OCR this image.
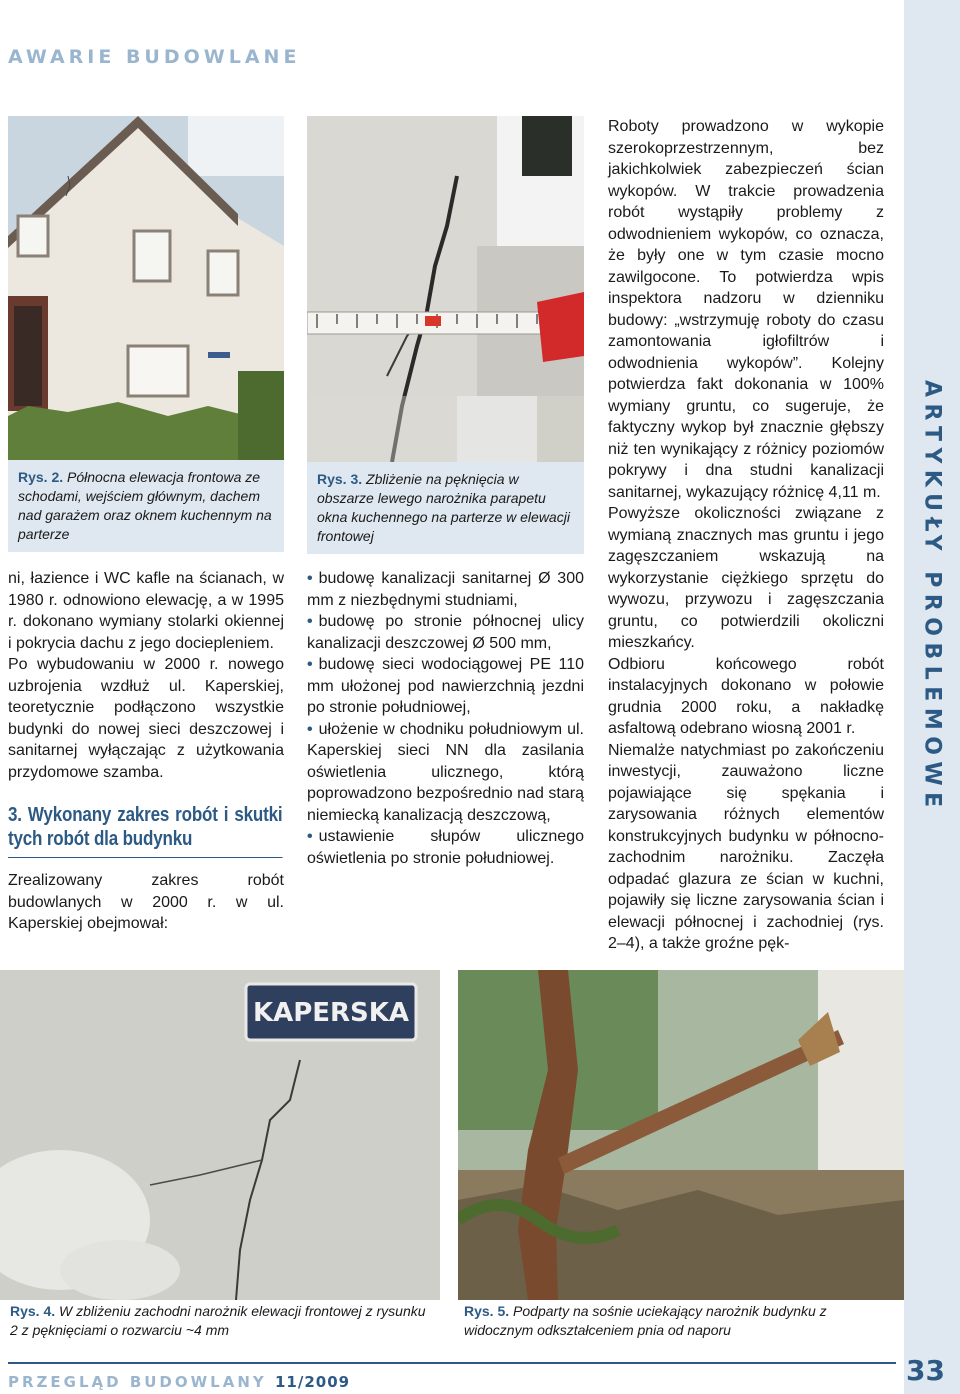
AWARIE BUDOWLANE
ARTYKUŁY PROBLEMOWE
Rys. 2. Północna elewacja frontowa ze schodami, wejściem głównym, dachem nad garażem oraz oknem kuchennym na parterze
Rys. 3. Zbliżenie na pęknięcia w obszarze lewego narożnika parapetu okna kuchennego na parterze w elewacji frontowej

ni, łazience i WC kafle na ścianach, w 1980 r. odnowiono elewację, a w 1995 r. dokonano wymiany stolarki okiennej i pokrycia dachu z jego dociepleniem.

Po wybudowaniu w 2000 r. nowego uzbrojenia wzdłuż ul. Kaperskiej, teoretycznie podłączono wszystkie budynki do nowej sieci deszczowej i sanitarnej wyłączając z użytkowania przydomowe szamba.

3. Wykonany zakres robót i skutki tych robót dla budynku

Zrealizowany zakres robót budowlanych w 2000 r. w ul. Kaperskiej obejmował:

• budowę kanalizacji sanitarnej Ø 300 mm z niezbędnymi studniami,
• budowę po stronie północnej ulicy kanalizacji deszczowej Ø 500 mm,
• budowę sieci wodociągowej PE 110 mm ułożonej pod nawierzchnią jezdni po stronie południowej,
• ułożenie w chodniku południowym ul. Kaperskiej sieci NN dla zasilania oświetlenia ulicznego, którą poprowadzono bezpośrednio nad starą niemiecką kanalizacją deszczową,
• ustawienie słupów ulicznego oświetlenia po stronie południowej.

Roboty prowadzono w wykopie szerokoprzestrzennym, bez jakichkolwiek zabezpieczeń ścian wykopów. W trakcie prowadzenia robót wystąpiły problemy z odwodnieniem wykopów, co oznacza, że były one w tym czasie mocno zawilgocone. To potwierdza wpis inspektora nadzoru w dzienniku budowy: „wstrzymuję roboty do czasu zamontowania igłofiltrów i odwodnienia wykopów”. Kolejny potwierdza fakt dokonania w 100% wymiany gruntu, co sugeruje, że faktyczny wykop był znacznie głębszy niż ten wynikający z różnicy poziomów pokrywy i dna studni kanalizacji sanitarnej, wykazujący różnicę 4,11 m.

Powyższe okoliczności związane z wymianą znacznych mas gruntu i jego zagęszczaniem wskazują na wykorzystanie ciężkiego sprzętu do wywozu, przywozu i zagęszczania gruntu, co potwierdzili okoliczni mieszkańcy.

Odbioru końcowego robót instalacyjnych dokonano w połowie grudnia 2000 roku, a nakładkę asfaltową odebrano wiosną 2001 r.

Niemalże natychmiast po zakończeniu inwestycji, zauważono liczne pojawiające się spękania i zarysowania różnych elementów konstrukcyjnych budynku w północno-zachodnim narożniku. Zaczęła odpadać glazura ze ścian w kuchni, pojawiły się liczne zarysowania ścian i elewacji północnej i zachodniej (rys. 2–4), a także groźne pęk-

KAPERSKA
Rys. 4. W zbliżeniu zachodni narożnik elewacji frontowej z rysunku 2 z pęknięciami o rozwarciu ~4 mm
Rys. 5. Podparty na sośnie uciekający narożnik budynku z widocznym odkształceniem pnia od naporu
PRZEGLĄD BUDOWLANY 11/2009	33
